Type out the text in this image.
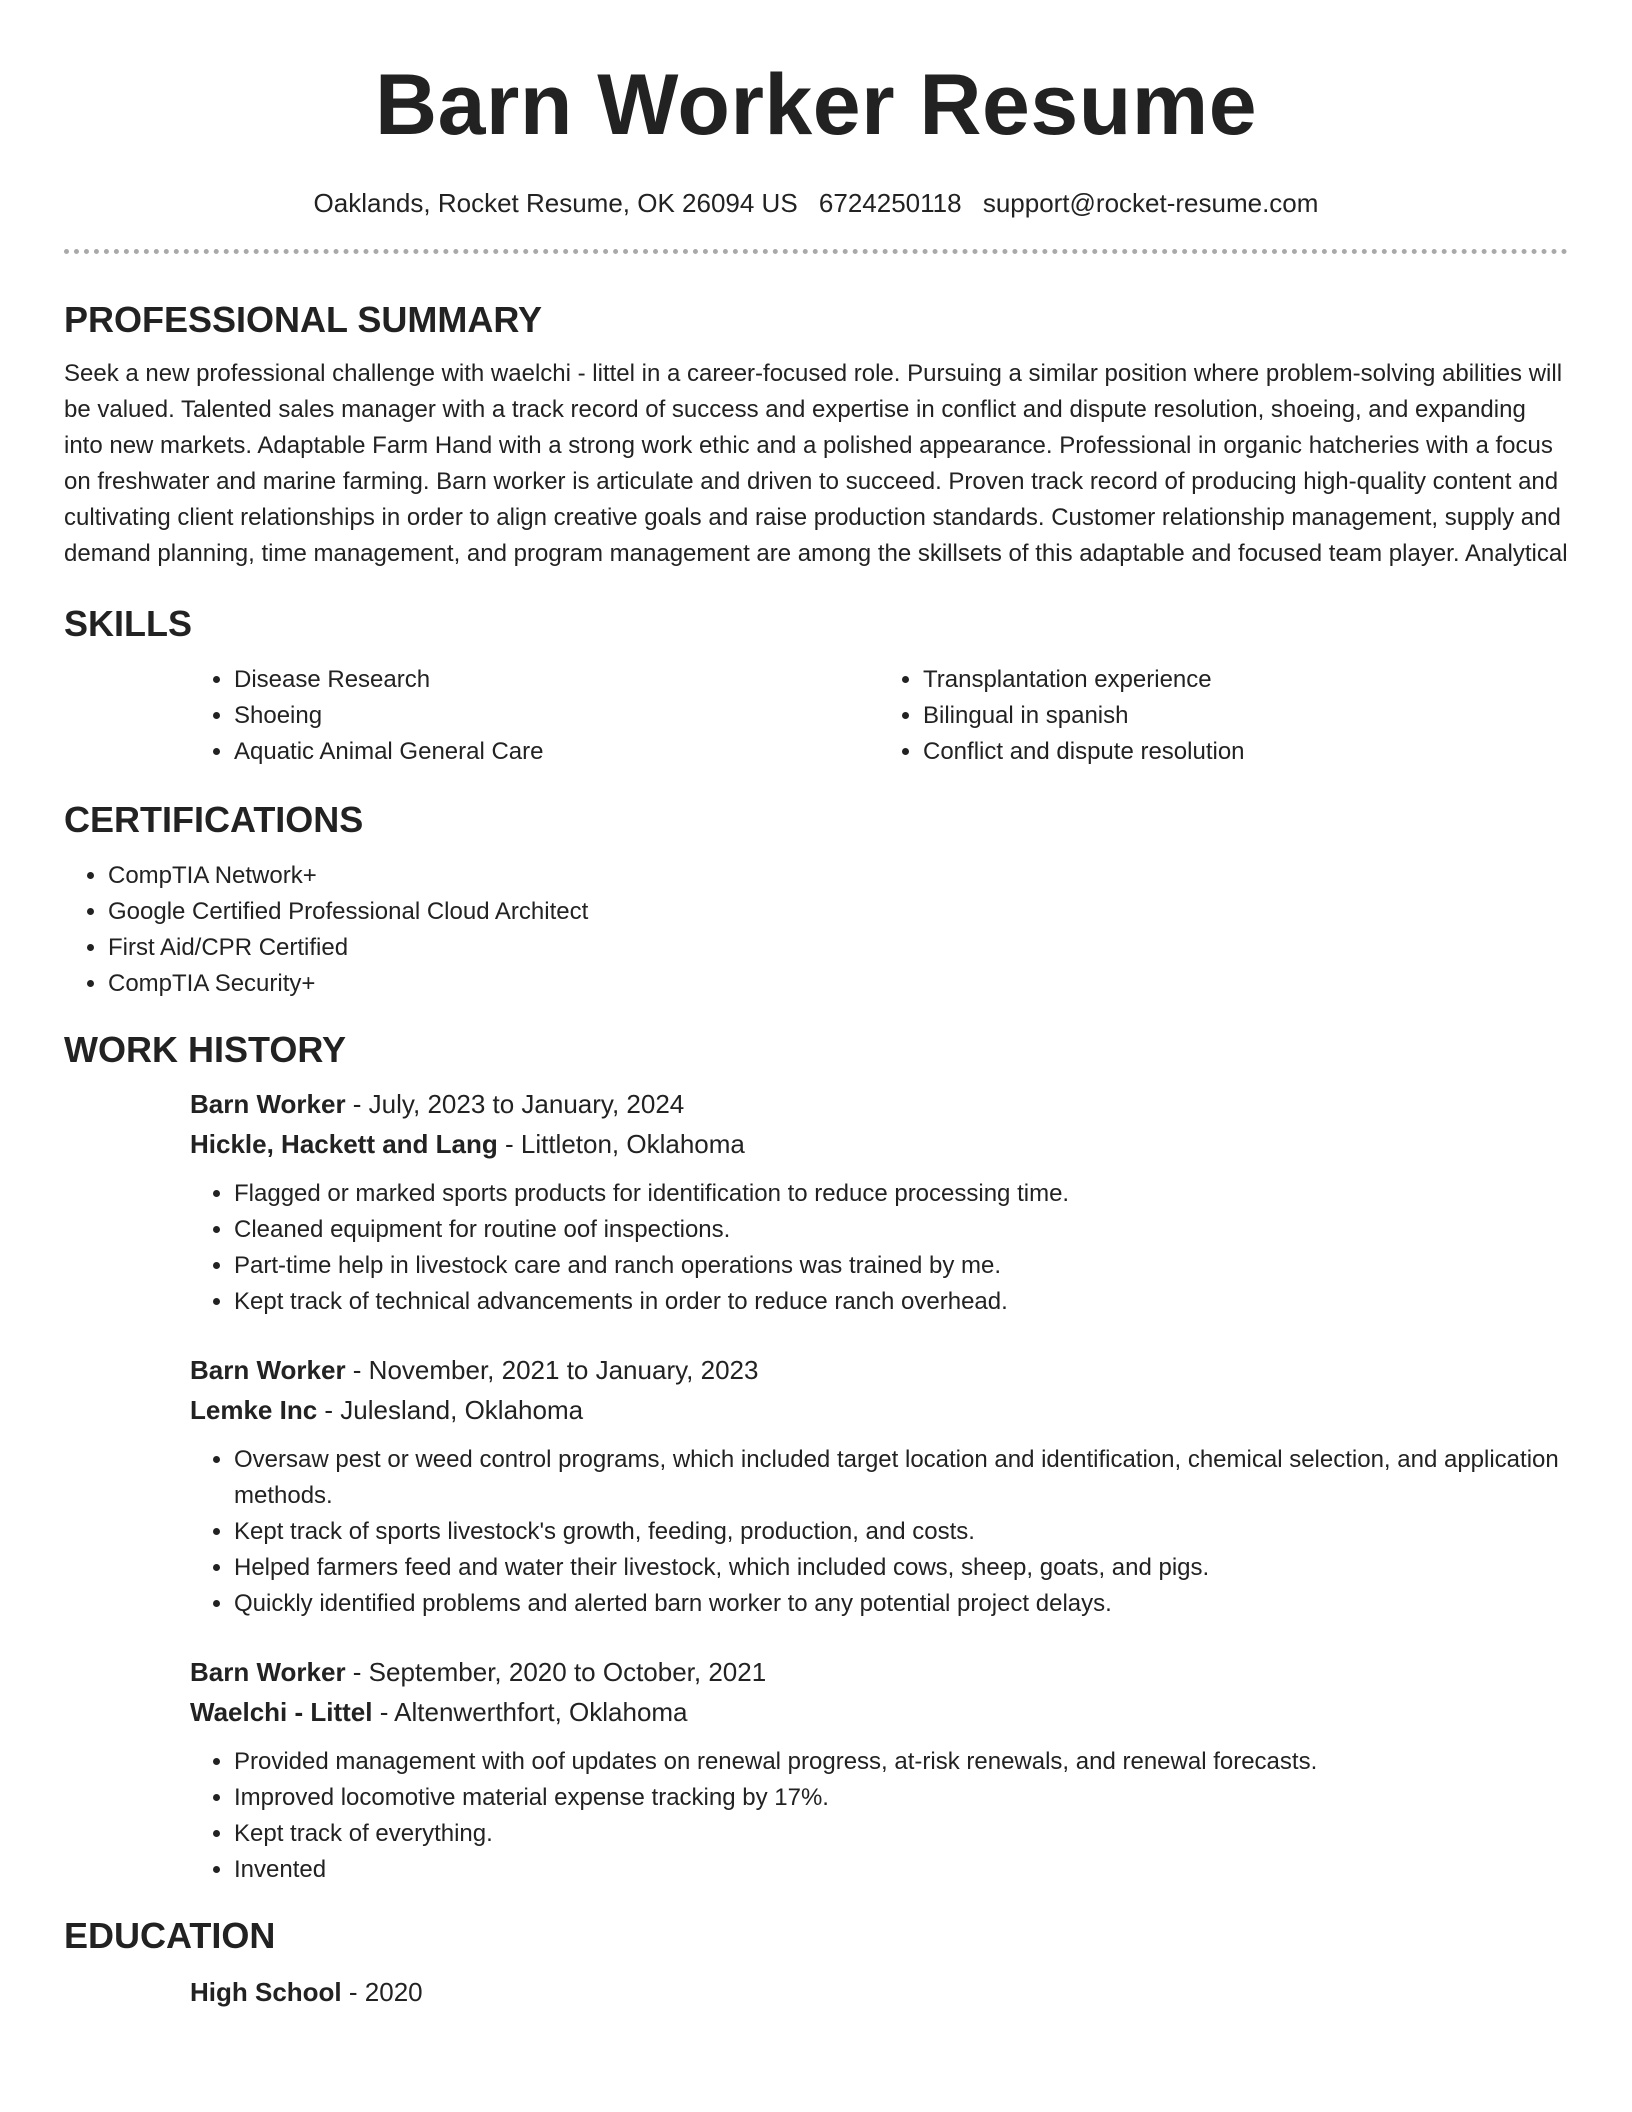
Barn Worker Resume
Oaklands, Rocket Resume, OK 26094 US 6724250118 support@rocket-resume.com
PROFESSIONAL SUMMARY

Seek a new professional challenge with waelchi - littel in a career-focused role. Pursuing a similar position where problem-solving abilities will be valued. Talented sales manager with a track record of success and expertise in conflict and dispute resolution, shoeing, and expanding into new markets. Adaptable Farm Hand with a strong work ethic and a polished appearance. Professional in organic hatcheries with a focus on freshwater and marine farming. Barn worker is articulate and driven to succeed. Proven track record of producing high-quality content and cultivating client relationships in order to align creative goals and raise production standards. Customer relationship management, supply and demand planning, time management, and program management are among the skillsets of this adaptable and focused team player. Analytical

SKILLS
• Disease Research
• Shoeing
• Aquatic Animal General Care
• Transplantation experience
• Bilingual in spanish
• Conflict and dispute resolution
CERTIFICATIONS
• CompTIA Network+
• Google Certified Professional Cloud Architect
• First Aid/CPR Certified
• CompTIA Security+
WORK HISTORY

Barn Worker - July, 2023 to January, 2024

Hickle, Hackett and Lang - Littleton, Oklahoma

• Flagged or marked sports products for identification to reduce processing time.
• Cleaned equipment for routine oof inspections.
• Part-time help in livestock care and ranch operations was trained by me.
• Kept track of technical advancements in order to reduce ranch overhead.

Barn Worker - November, 2021 to January, 2023

Lemke Inc - Julesland, Oklahoma

• Oversaw pest or weed control programs, which included target location and identification, chemical selection, and application methods.
• Kept track of sports livestock's growth, feeding, production, and costs.
• Helped farmers feed and water their livestock, which included cows, sheep, goats, and pigs.
• Quickly identified problems and alerted barn worker to any potential project delays.

Barn Worker - September, 2020 to October, 2021

Waelchi - Littel - Altenwerthfort, Oklahoma

• Provided management with oof updates on renewal progress, at-risk renewals, and renewal forecasts.
• Improved locomotive material expense tracking by 17%.
• Kept track of everything.
• Invented
EDUCATION

High School - 2020
